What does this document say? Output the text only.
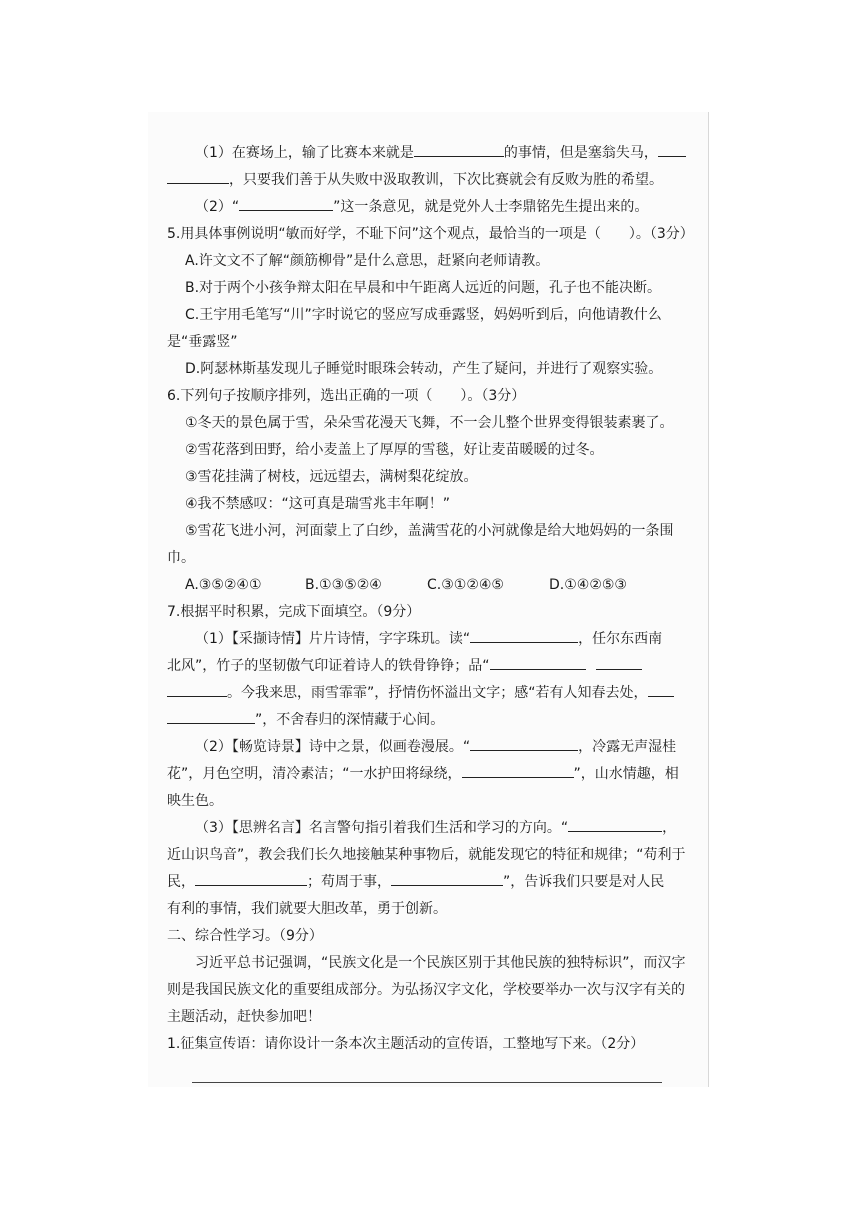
（1）在赛场上，输了比赛本来就是	的事情，但是塞翁失马，
，只要我们善于从失败中汲取教训，下次比赛就会有反败为胜的希望。
（2）“	”这一条意见，就是党外人士李鼎铭先生提出来的。
5.用具体事例说明“敏而好学，不耻下问”这个观点，最恰当的一项是（　　）。（3分）
A.许文文不了解“颜筋柳骨”是什么意思，赶紧向老师请教。
B.对于两个小孩争辩太阳在早晨和中午距离人远近的问题，孔子也不能决断。
C.王宇用毛笔写“川”字时说它的竖应写成垂露竖，妈妈听到后，向他请教什么
是“垂露竖”
D.阿瑟林斯基发现儿子睡觉时眼珠会转动，产生了疑问，并进行了观察实验。
6.下列句子按顺序排列，选出正确的一项（　　）。（3分）
①冬天的景色属于雪，朵朵雪花漫天飞舞，不一会儿整个世界变得银装素裹了。
②雪花落到田野，给小麦盖上了厚厚的雪毯，好让麦苗暖暖的过冬。
③雪花挂满了树枝，远远望去，满树梨花绽放。
④我不禁感叹：“这可真是瑞雪兆丰年啊！”
⑤雪花飞进小河，河面蒙上了白纱，盖满雪花的小河就像是给大地妈妈的一条围
巾。
A.③⑤②④①	B.①③⑤②④	C.③①②④⑤	D.①④②⑤③
7.根据平时积累，完成下面填空。（9分）
（1）【采撷诗情】片片诗情，字字珠玑。读“	，任尔东西南
北风”，竹子的坚韧傲气印证着诗人的铁骨铮铮；品“
。今我来思，雨雪霏霏”，抒情伤怀溢出文字；感“若有人知春去处，
”，不舍春归的深情藏于心间。
（2）【畅览诗景】诗中之景，似画卷漫展。“	，冷露无声湿桂
花”，月色空明，清冷素洁；“一水护田将绿绕，	”，山水情趣，相
映生色。
（3）【思辨名言】名言警句指引着我们生活和学习的方向。“	，
近山识鸟音”，教会我们长久地接触某种事物后，就能发现它的特征和规律；“苟利于
民，	；苟周于事，	”，告诉我们只要是对人民
有利的事情，我们就要大胆改革，勇于创新。
二、综合性学习。（9分）
习近平总书记强调，“民族文化是一个民族区别于其他民族的独特标识”，而汉字
则是我国民族文化的重要组成部分。为弘扬汉字文化，学校要举办一次与汉字有关的
主题活动，赶快参加吧！
1.征集宣传语：请你设计一条本次主题活动的宣传语，工整地写下来。（2分）
